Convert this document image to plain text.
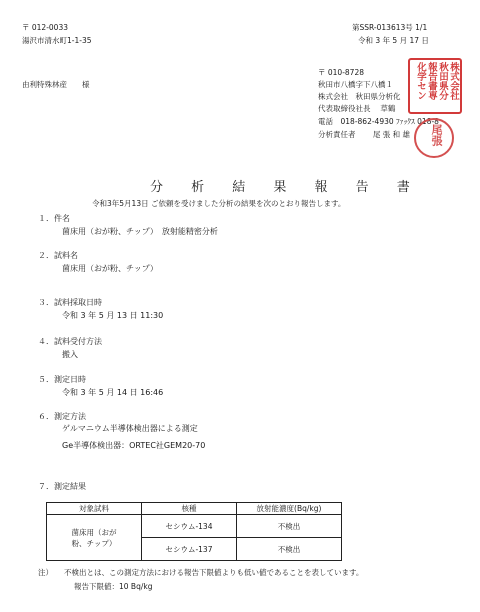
〒 012-0033
湯沢市清水町1-1-35
第SSR-013613号 1/1
令和 3 年 5 月 17 日
由利特殊林産　　様
〒 010-8728
秋田市八橋字下八橋１
株式会社　秋田県分析化
代表取締役社長　 草鶴
電話　018-862-4930 ﾌｧｯｸｽ 018-8
分析責任者　　 尾 張 和 雄
株式会社
秋田県分
報告書専
化学セン
尾張
分 析 結 果 報 告 書
令和3年5月13日 ご依頼を受けました分析の結果を次のとおり報告します。
１．件名
菌床用（おが粉、チップ）　放射能精密分析
２．試料名
菌床用（おが粉、チップ）
３．試料採取日時
令和 3 年 5 月 13 日 11:30
４．試料受付方法
搬入
５．測定日時
令和 3 年 5 月 14 日 16:46
６．測定方法
ゲルマニウム半導体検出器による測定
Ge半導体検出器：ORTEC社GEM20-70
７．測定結果
対象試料	核種	放射能濃度(Bq/kg)

菌床用（おが
粉、チップ）	セシウム-134	不検出
	セシウム-137	不検出
注） 不検出とは、この測定方法における報告下限値よりも低い値であることを表しています。
報告下限値：10 Bq/kg
